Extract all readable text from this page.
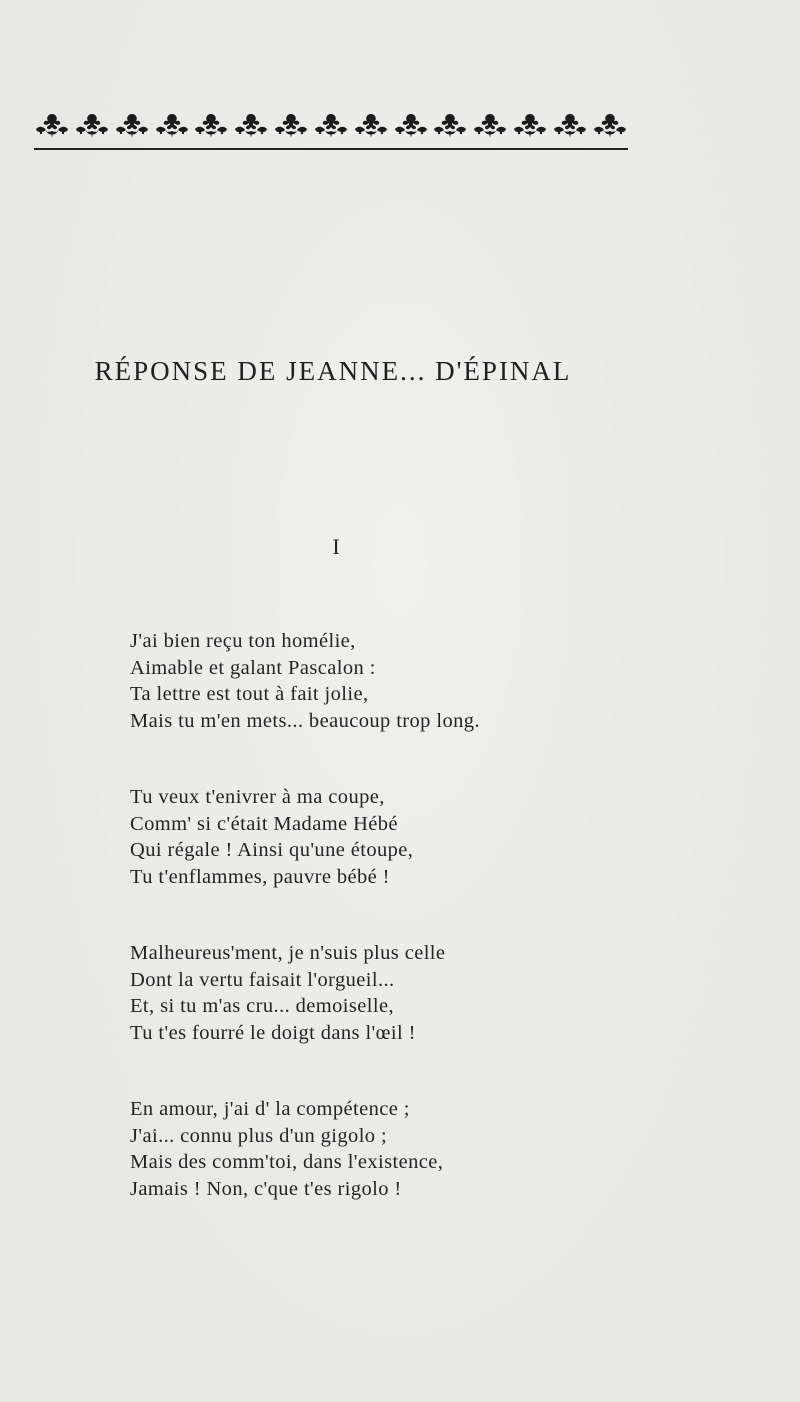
RÉPONSE DE JEANNE... D'ÉPINAL

I

J'ai bien reçu ton homélie,
Aimable et galant Pascalon :
Ta lettre est tout à fait jolie,
Mais tu m'en mets... beaucoup trop long.
Tu veux t'enivrer à ma coupe,
Comm' si c'était Madame Hébé
Qui régale ! Ainsi qu'une étoupe,
Tu t'enflammes, pauvre bébé !
Malheureus'ment, je n'suis plus celle
Dont la vertu faisait l'orgueil...
Et, si tu m'as cru... demoiselle,
Tu t'es fourré le doigt dans l'œil !
En amour, j'ai d' la compétence ;
J'ai... connu plus d'un gigolo ;
Mais des comm'toi, dans l'existence,
Jamais ! Non, c'que t'es rigolo !
